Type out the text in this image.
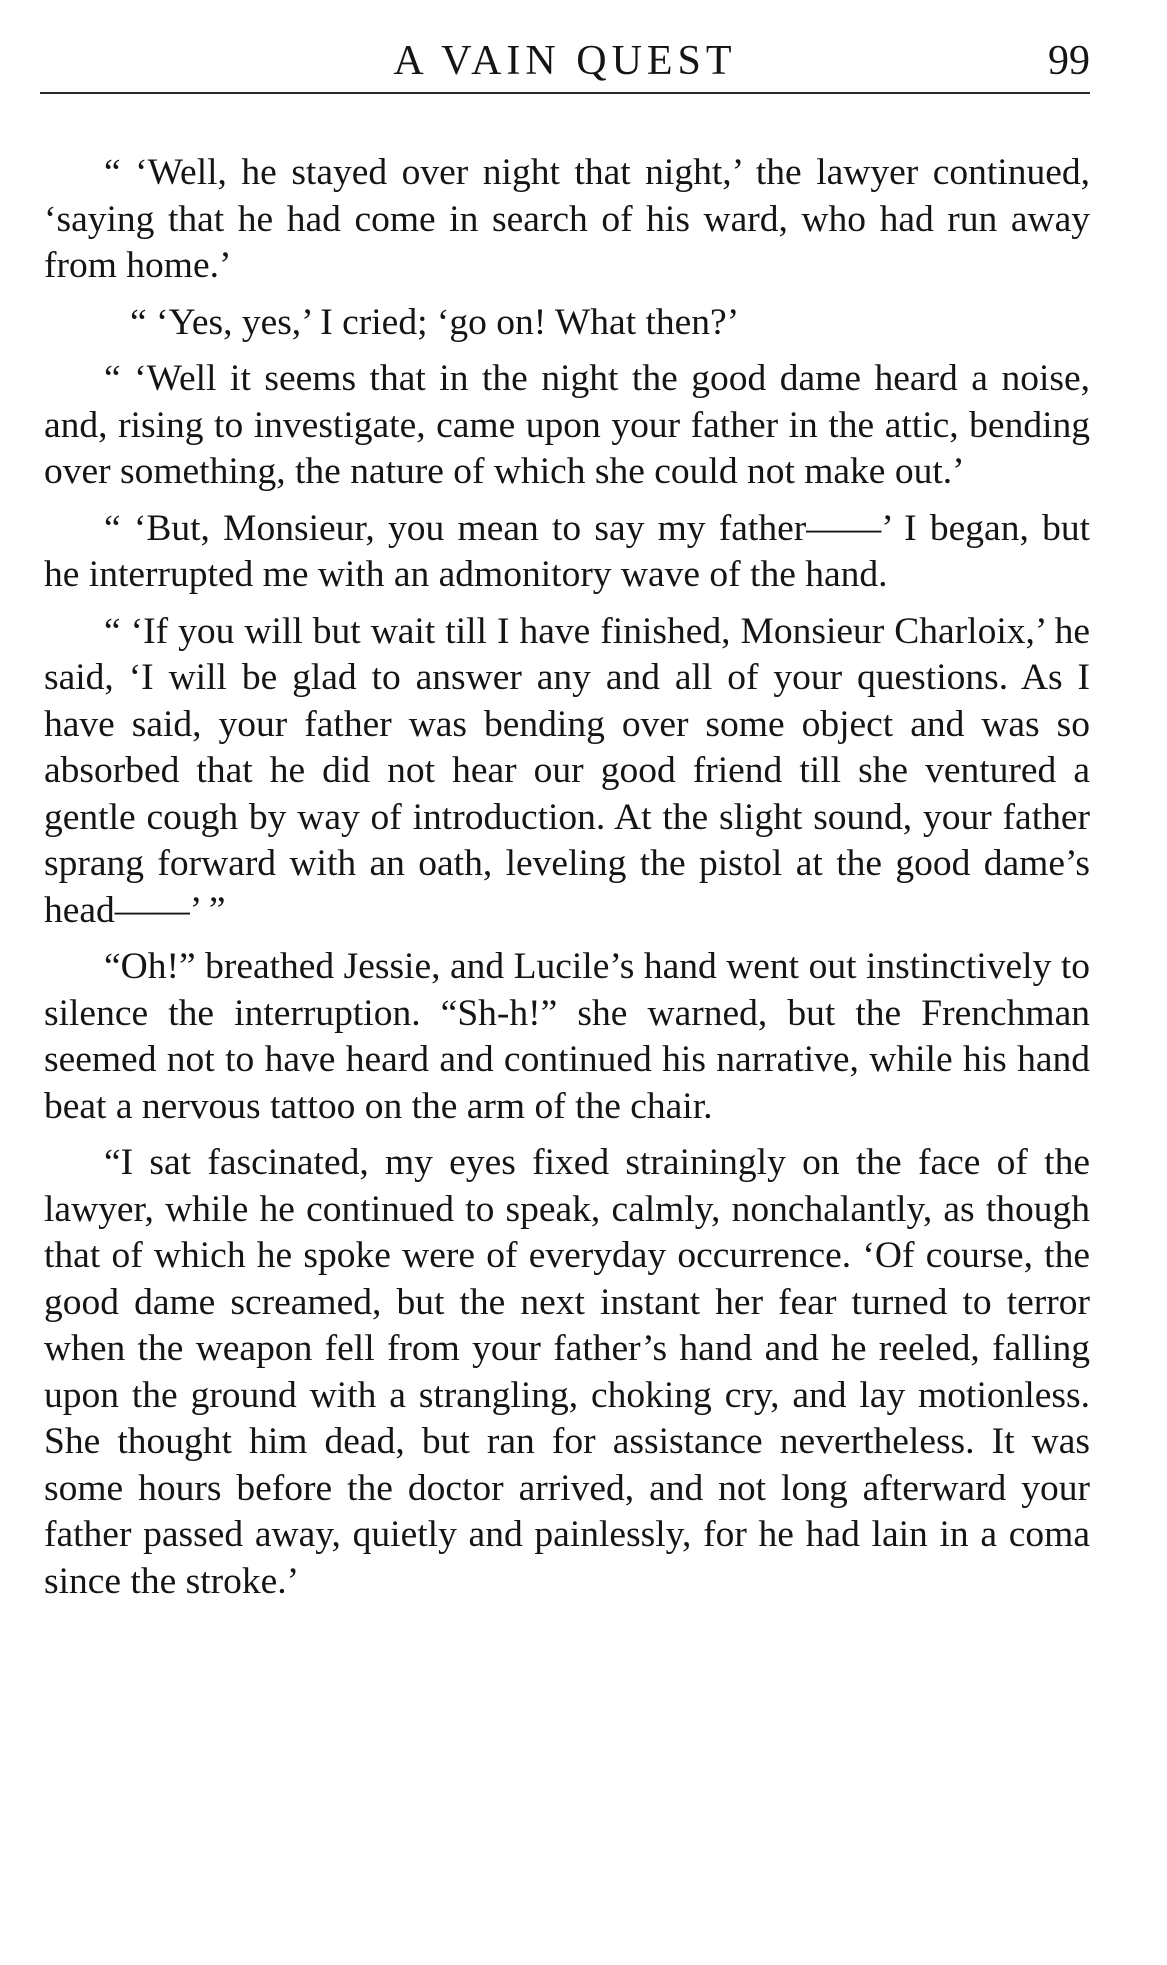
A VAIN QUEST	99

“ ‘Well, he stayed over night that night,’ the lawyer continued, ‘saying that he had come in search of his ward, who had run away from home.’

“ ‘Yes, yes,’ I cried; ‘go on! What then?’

“ ‘Well it seems that in the night the good dame heard a noise, and, rising to investigate, came upon your father in the attic, bending over something, the nature of which she could not make out.’

“ ‘But, Monsieur, you mean to say my father——’ I began, but he interrupted me with an admonitory wave of the hand.

“ ‘If you will but wait till I have finished, Monsieur Charloix,’ he said, ‘I will be glad to answer any and all of your questions. As I have said, your father was bending over some object and was so absorbed that he did not hear our good friend till she ventured a gentle cough by way of introduction. At the slight sound, your father sprang forward with an oath, leveling the pistol at the good dame’s head——’ ”

“Oh!” breathed Jessie, and Lucile’s hand went out instinctively to silence the interruption. “Sh-h!” she warned, but the Frenchman seemed not to have heard and continued his narrative, while his hand beat a nervous tattoo on the arm of the chair.

“I sat fascinated, my eyes fixed strainingly on the face of the lawyer, while he continued to speak, calmly, nonchalantly, as though that of which he spoke were of everyday occurrence. ‘Of course, the good dame screamed, but the next instant her fear turned to terror when the weapon fell from your father’s hand and he reeled, falling upon the ground with a strangling, choking cry, and lay motionless. She thought him dead, but ran for assistance nevertheless. It was some hours before the doctor arrived, and not long afterward your father passed away, quietly and painlessly, for he had lain in a coma since the stroke.’
